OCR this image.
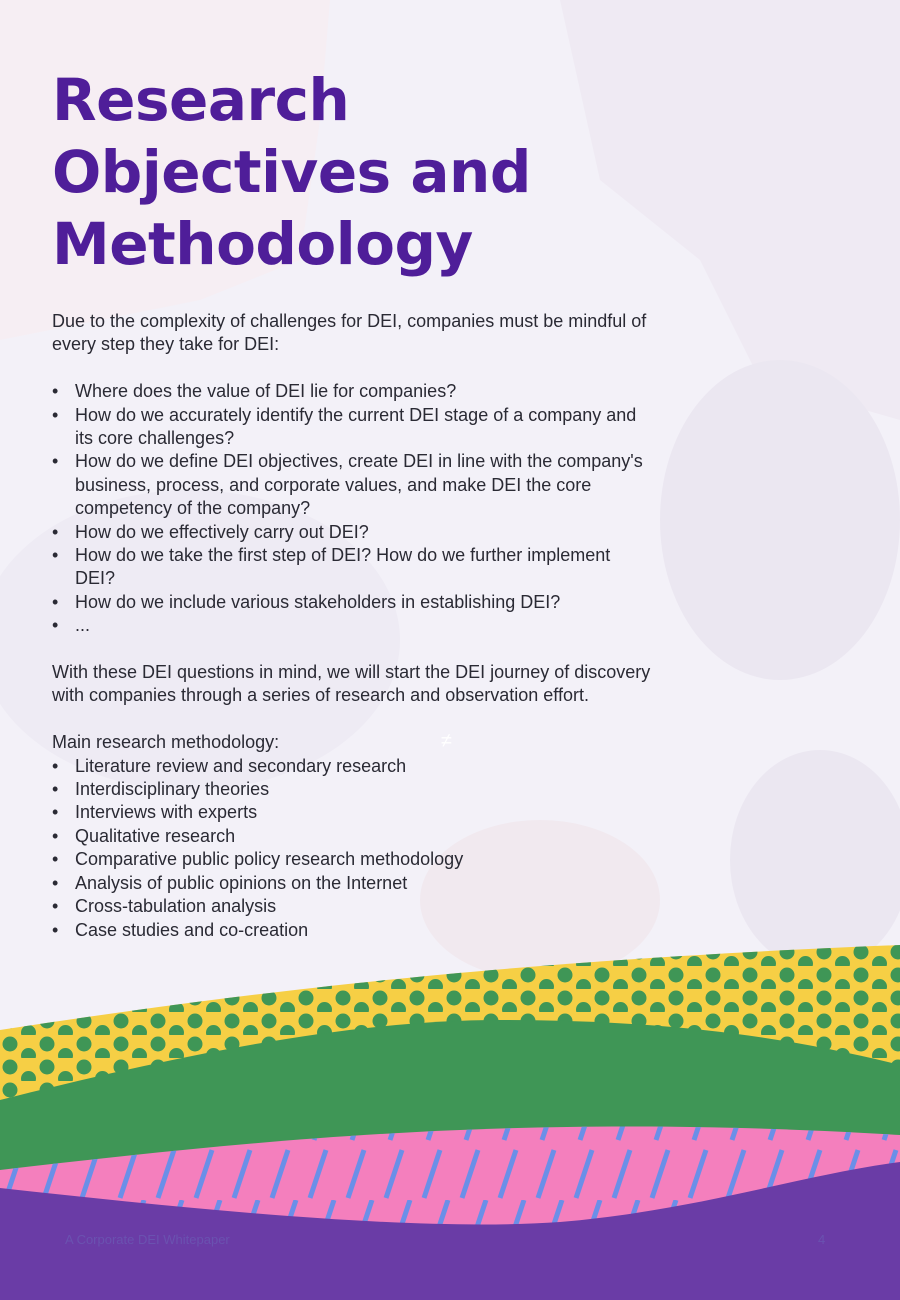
Research Objectives and Methodology

Due to the complexity of challenges for DEI, companies must be mindful of every step they take for DEI:

• Where does the value of DEI lie for companies?
• How do we accurately identify the current DEI stage of a company and its core challenges?
• How do we define DEI objectives, create DEI in line with the company's business, process, and corporate values, and make DEI the core competency of the company?
• How do we effectively carry out DEI?
• How do we take the first step of DEI? How do we further implement DEI?
• How do we include various stakeholders in establishing DEI?
• ...

With these DEI questions in mind, we will start the DEI journey of discovery with companies through a series of research and observation effort.

Main research methodology:

• Literature review and secondary research
• Interdisciplinary theories
• Interviews with experts
• Qualitative research
• Comparative public policy research methodology
• Analysis of public opinions on the Internet
• Cross-tabulation analysis
• Case studies and co-creation
≠
A Corporate DEI Whitepaper	4
